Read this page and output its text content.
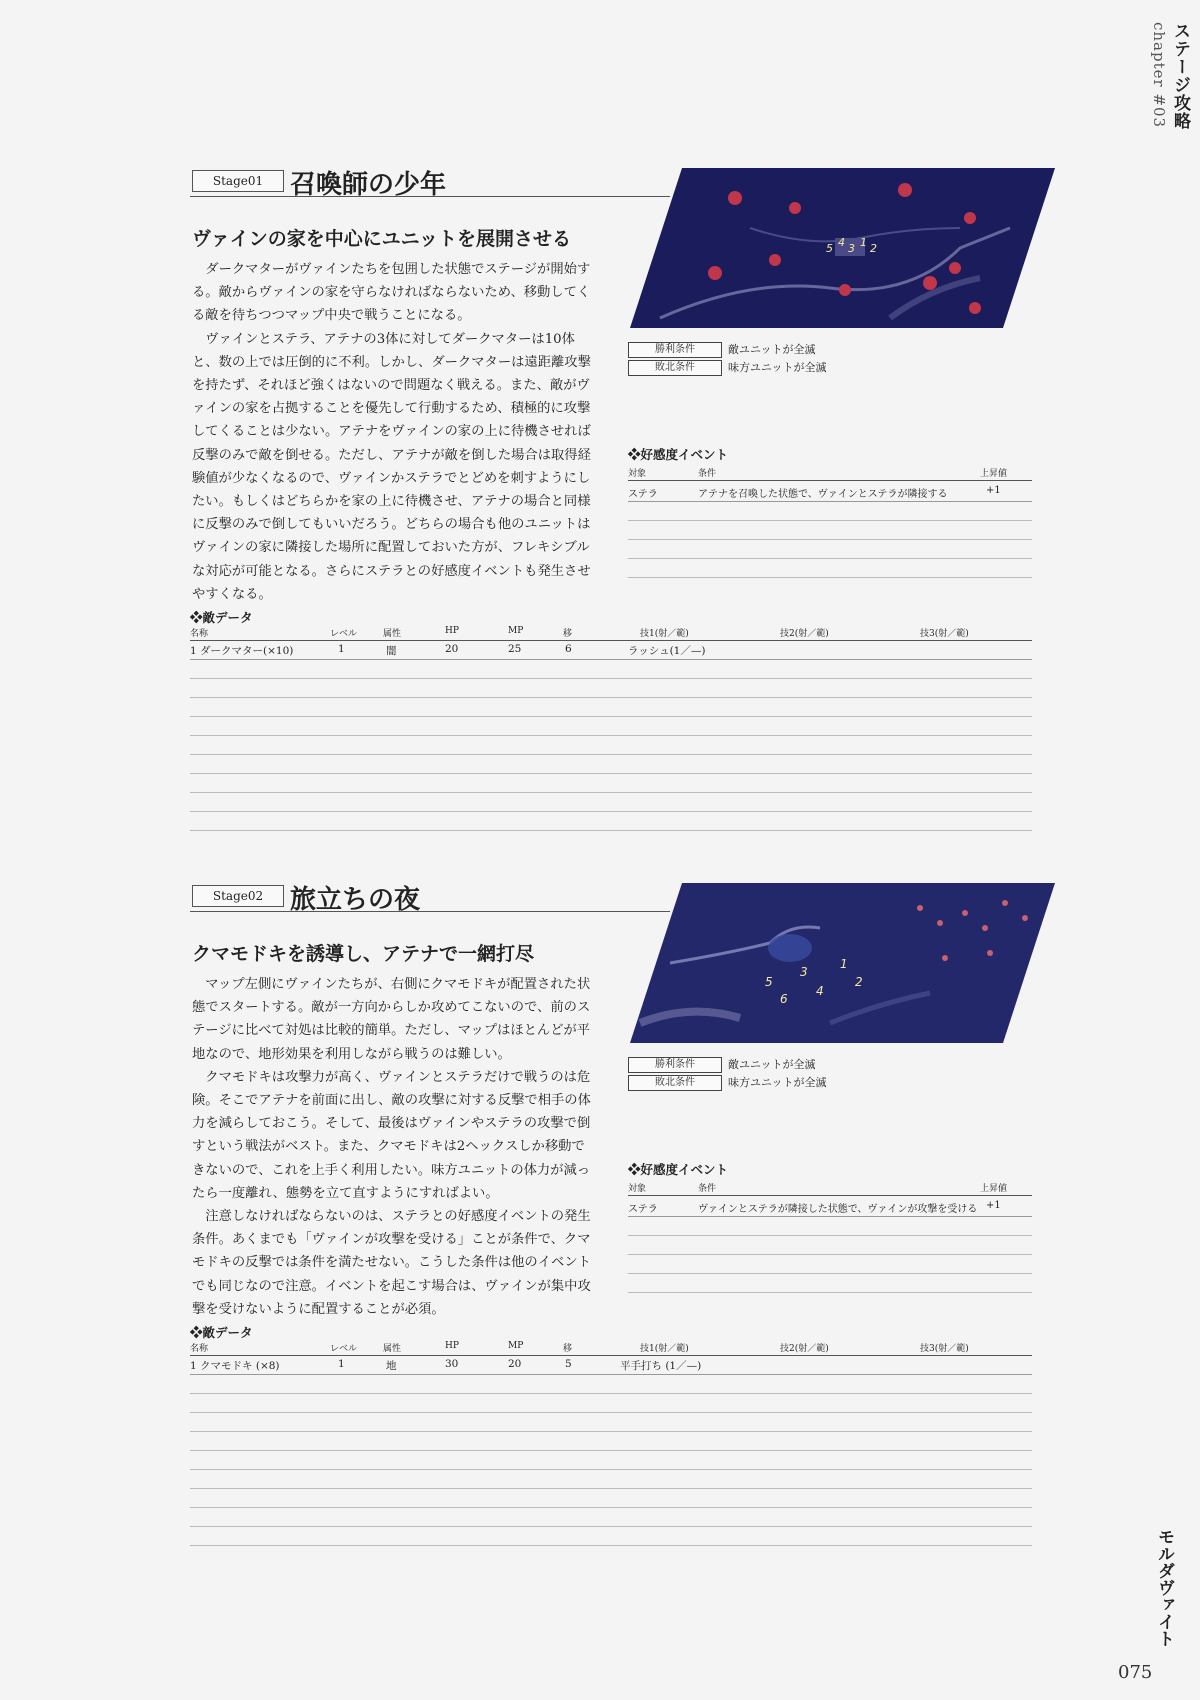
chapter #03 ステージ攻略
モルダヴァイト
075
Stage01	召喚師の少年
ヴァインの家を中心にユニットを展開させる

ダークマターがヴァインたちを包囲した状態でステージが開始する。敵からヴァインの家を守らなければならないため、移動してくる敵を待ちつつマップ中央で戦うことになる。

ヴァインとステラ、アテナの3体に対してダークマターは10体と、数の上では圧倒的に不利。しかし、ダークマターは遠距離攻撃を持たず、それほど強くはないので問題なく戦える。また、敵がヴァインの家を占拠することを優先して行動するため、積極的に攻撃してくることは少ない。アテナをヴァインの家の上に待機させれば反撃のみで敵を倒せる。ただし、アテナが敵を倒した場合は取得経験値が少なくなるので、ヴァインかステラでとどめを刺すようにしたい。もしくはどちらかを家の上に待機させ、アテナの場合と同様に反撃のみで倒してもいいだろう。どちらの場合も他のユニットはヴァインの家に隣接した場所に配置しておいた方が、フレキシブルな対応が可能となる。さらにステラとの好感度イベントも発生させやすくなる。

5 4 3 1 2
勝利条件	敵ユニットが全滅
敗北条件	味方ユニットが全滅
❖好感度イベント
対象	条件	上昇値
ステラ	アテナを召喚した状態で、ヴァインとステラが隣接する	+1
❖敵データ
名称	レベル	属性	HP	MP	移	技1(射／範)	技2(射／範)	技3(射／範)
1 ダークマター(×10)	1	闇	20	25	6	ラッシュ(1／—)
Stage02	旅立ちの夜
クマモドキを誘導し、アテナで一網打尽

マップ左側にヴァインたちが、右側にクマモドキが配置された状態でスタートする。敵が一方向からしか攻めてこないので、前のステージに比べて対処は比較的簡単。ただし、マップはほとんどが平地なので、地形効果を利用しながら戦うのは難しい。

クマモドキは攻撃力が高く、ヴァインとステラだけで戦うのは危険。そこでアテナを前面に出し、敵の攻撃に対する反撃で相手の体力を減らしておこう。そして、最後はヴァインやステラの攻撃で倒すという戦法がベスト。また、クマモドキは2ヘックスしか移動できないので、これを上手く利用したい。味方ユニットの体力が減ったら一度離れ、態勢を立て直すようにすればよい。

注意しなければならないのは、ステラとの好感度イベントの発生条件。あくまでも「ヴァインが攻撃を受ける」ことが条件で、クマモドキの反撃では条件を満たせない。こうした条件は他のイベントでも同じなので注意。イベントを起こす場合は、ヴァインが集中攻撃を受けないように配置することが必須。

1
3
2
5
4
6
勝利条件	敵ユニットが全滅
敗北条件	味方ユニットが全滅
❖好感度イベント
対象	条件	上昇値
ステラ	ヴァインとステラが隣接した状態で、ヴァインが攻撃を受ける +1
❖敵データ
名称	レベル	属性	HP	MP	移	技1(射／範)	技2(射／範)	技3(射／範)
1 クマモドキ (×8)	1	地	30	20	5	平手打ち (1／—)
